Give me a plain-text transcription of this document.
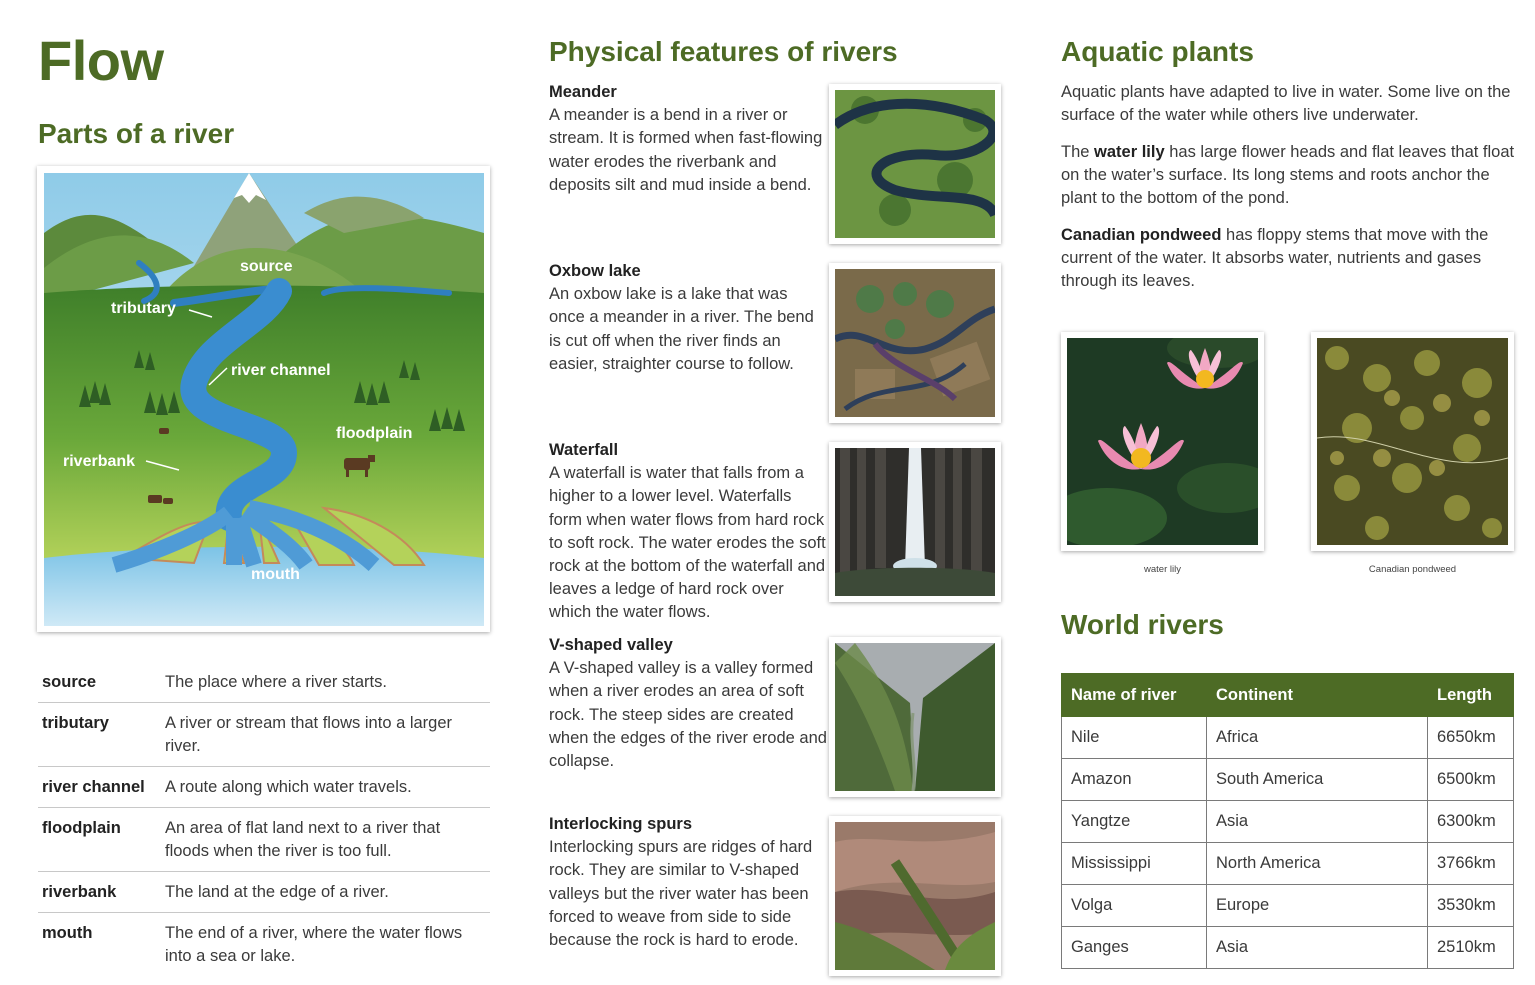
Flow
Parts of a river
source
tributary
river channel
floodplain
riverbank
mouth
source	The place where a river starts.
tributary	A river or stream that flows into a larger river.
river channel	A route along which water travels.
floodplain	An area of flat land next to a river that floods when the river is too full.
riverbank	The land at the edge of a river.
mouth	The end of a river, where the water flows into a sea or lake.
Physical features of rivers
Meander
A meander is a bend in a river or stream. It is formed when fast-flowing water erodes the riverbank and deposits silt and mud inside a bend.
Oxbow lake
An oxbow lake is a lake that was once a meander in a river. The bend is cut off when the river finds an easier, straighter course to follow.
Waterfall
A waterfall is water that falls from a higher to a lower level. Waterfalls form when water flows from hard rock to soft rock. The water erodes the soft rock at the bottom of the waterfall and leaves a ledge of hard rock over which the water flows.
V-shaped valley
A V-shaped valley is a valley formed when a river erodes an area of soft rock. The steep sides are created when the edges of the river erode and collapse.
Interlocking spurs
Interlocking spurs are ridges of hard rock. They are similar to V-shaped valleys but the river water has been forced to weave from side to side because the rock is hard to erode.
Aquatic plants

Aquatic plants have adapted to live in water. Some live on the surface of the water while others live underwater.

The water lily has large flower heads and flat leaves that float on the water’s surface. Its long stems and roots anchor the plant to the bottom of the pond.

Canadian pondweed has floppy stems that move with the current of the water. It absorbs water, nutrients and gases through its leaves.

water lily	Canadian pondweed
World rivers
Name of river	Continent	Length
Nile	Africa	6650km
Amazon	South America	6500km
Yangtze	Asia	6300km
Mississippi	North America	3766km
Volga	Europe	3530km
Ganges	Asia	2510km
